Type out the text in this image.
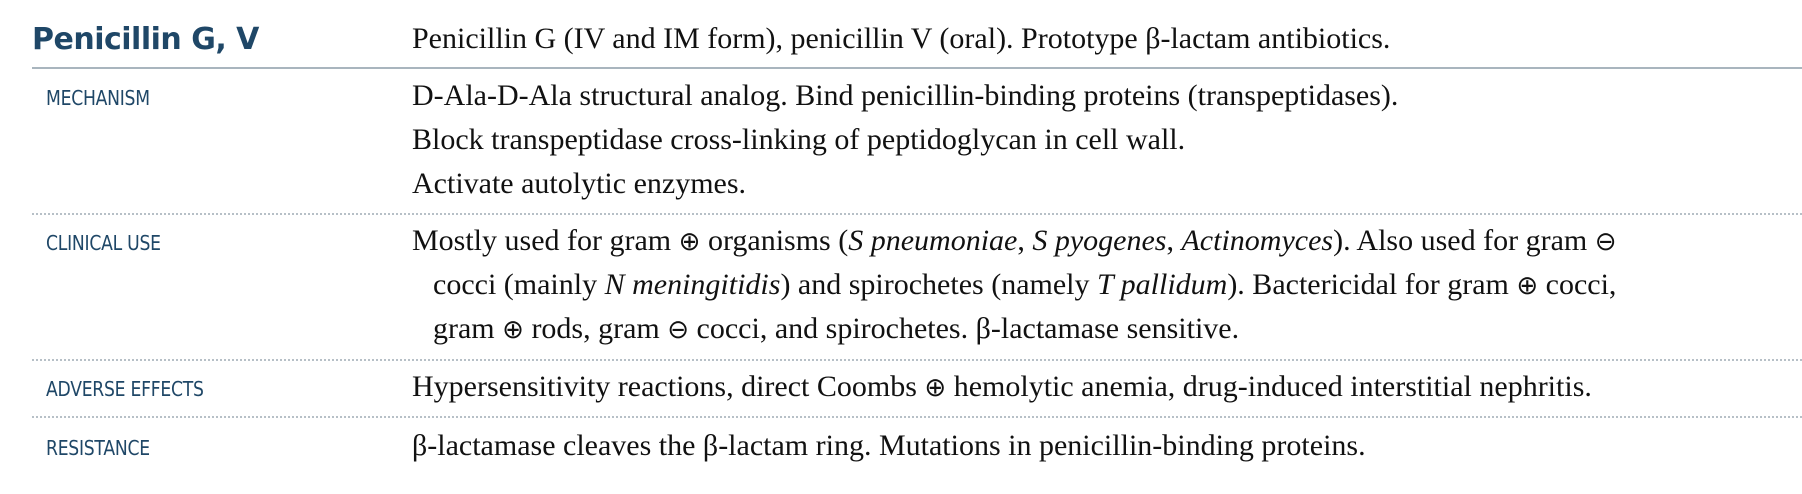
Penicillin G, V	Penicillin G (IV and IM form), penicillin V (oral). Prototype β-lactam antibiotics.
MECHANISM	D-Ala-D-Ala structural analog. Bind penicillin-binding proteins (transpeptidases).
Block transpeptidase cross-linking of peptidoglycan in cell wall.
Activate autolytic enzymes.
CLINICAL USE	Mostly used for gram ⊕ organisms (S pneumoniae, S pyogenes, Actinomyces). Also used for gram ⊖
cocci (mainly N meningitidis) and spirochetes (namely T pallidum). Bactericidal for gram ⊕ cocci,
gram ⊕ rods, gram ⊖ cocci, and spirochetes. β-lactamase sensitive.
ADVERSE EFFECTS	Hypersensitivity reactions, direct Coombs ⊕ hemolytic anemia, drug-induced interstitial nephritis.
RESISTANCE	β-lactamase cleaves the β-lactam ring. Mutations in penicillin-binding proteins.
